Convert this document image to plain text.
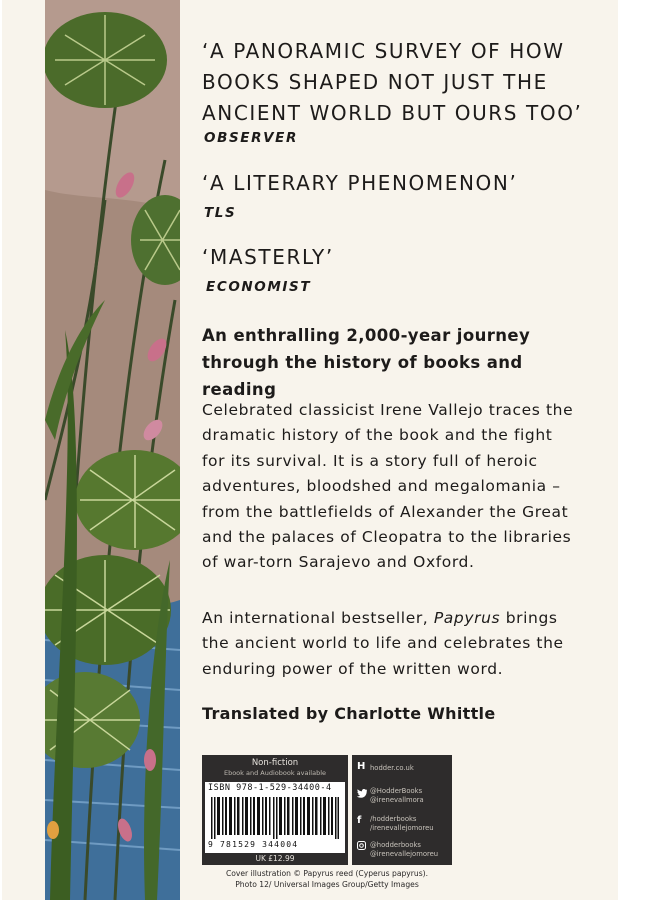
‘A PANORAMIC SURVEY OF HOW
BOOKS SHAPED NOT JUST THE
ANCIENT WORLD BUT OURS TOO’
OBSERVER
‘A LITERARY PHENOMENON’
TLS
‘MASTERLY’
ECONOMIST
An enthralling 2,000-year journey
through the history of books and reading
Celebrated classicist Irene Vallejo traces the
dramatic history of the book and the fight
for its survival. It is a story full of heroic
adventures, bloodshed and megalomania –
from the battlefields of Alexander the Great
and the palaces of Cleopatra to the libraries
of war-torn Sarajevo and Oxford.
An international bestseller, Papyrus brings
the ancient world to life and celebrates the
enduring power of the written word.
Translated by Charlotte Whittle
Non-fiction
Ebook and Audiobook available
ISBN 978-1-529-34400-4
9 781529 344004
UK £12.99
H hodder.co.uk
@HodderBooks
@irenevallmora
f /hodderbooks
/irenevallejomoreu
@hodderbooks
@irenevallejomoreu
Cover illustration © Papyrus reed (Cyperus papyrus).
Photo 12/ Universal Images Group/Getty Images
